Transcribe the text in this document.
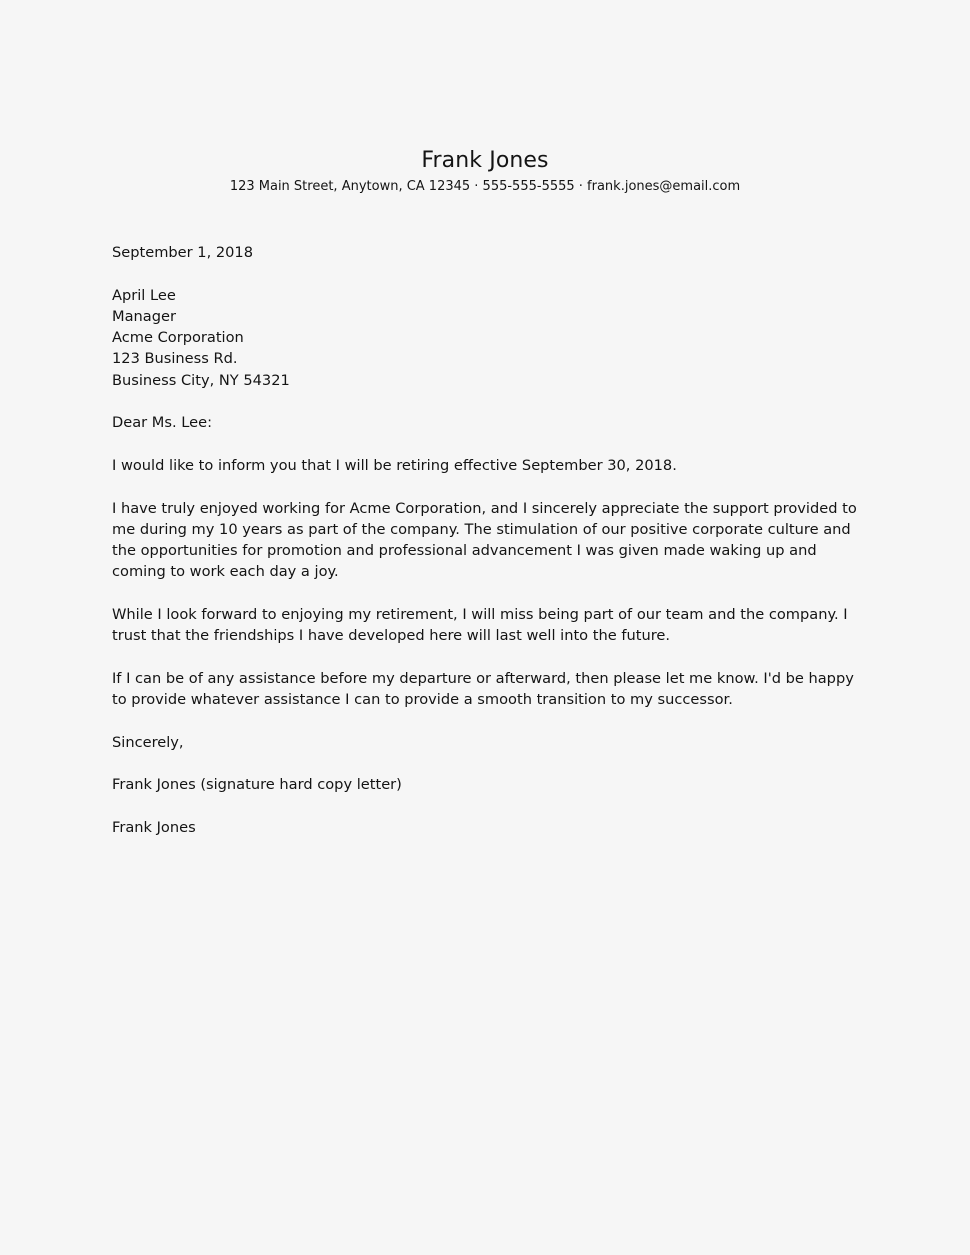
Frank Jones
123 Main Street, Anytown, CA 12345 · 555-555-5555 · frank.jones@email.com

September 1, 2018

April Lee
Manager
Acme Corporation
123 Business Rd.
Business City, NY 54321

Dear Ms. Lee:

I would like to inform you that I will be retiring effective September 30, 2018.

I have truly enjoyed working for Acme Corporation, and I sincerely appreciate the support provided to me during my 10 years as part of the company. The stimulation of our positive corporate culture and the opportunities for promotion and professional advancement I was given made waking up and coming to work each day a joy.

While I look forward to enjoying my retirement, I will miss being part of our team and the company. I trust that the friendships I have developed here will last well into the future.

If I can be of any assistance before my departure or afterward, then please let me know. I'd be happy to provide whatever assistance I can to provide a smooth transition to my successor.

Sincerely,

Frank Jones (signature hard copy letter)

Frank Jones
